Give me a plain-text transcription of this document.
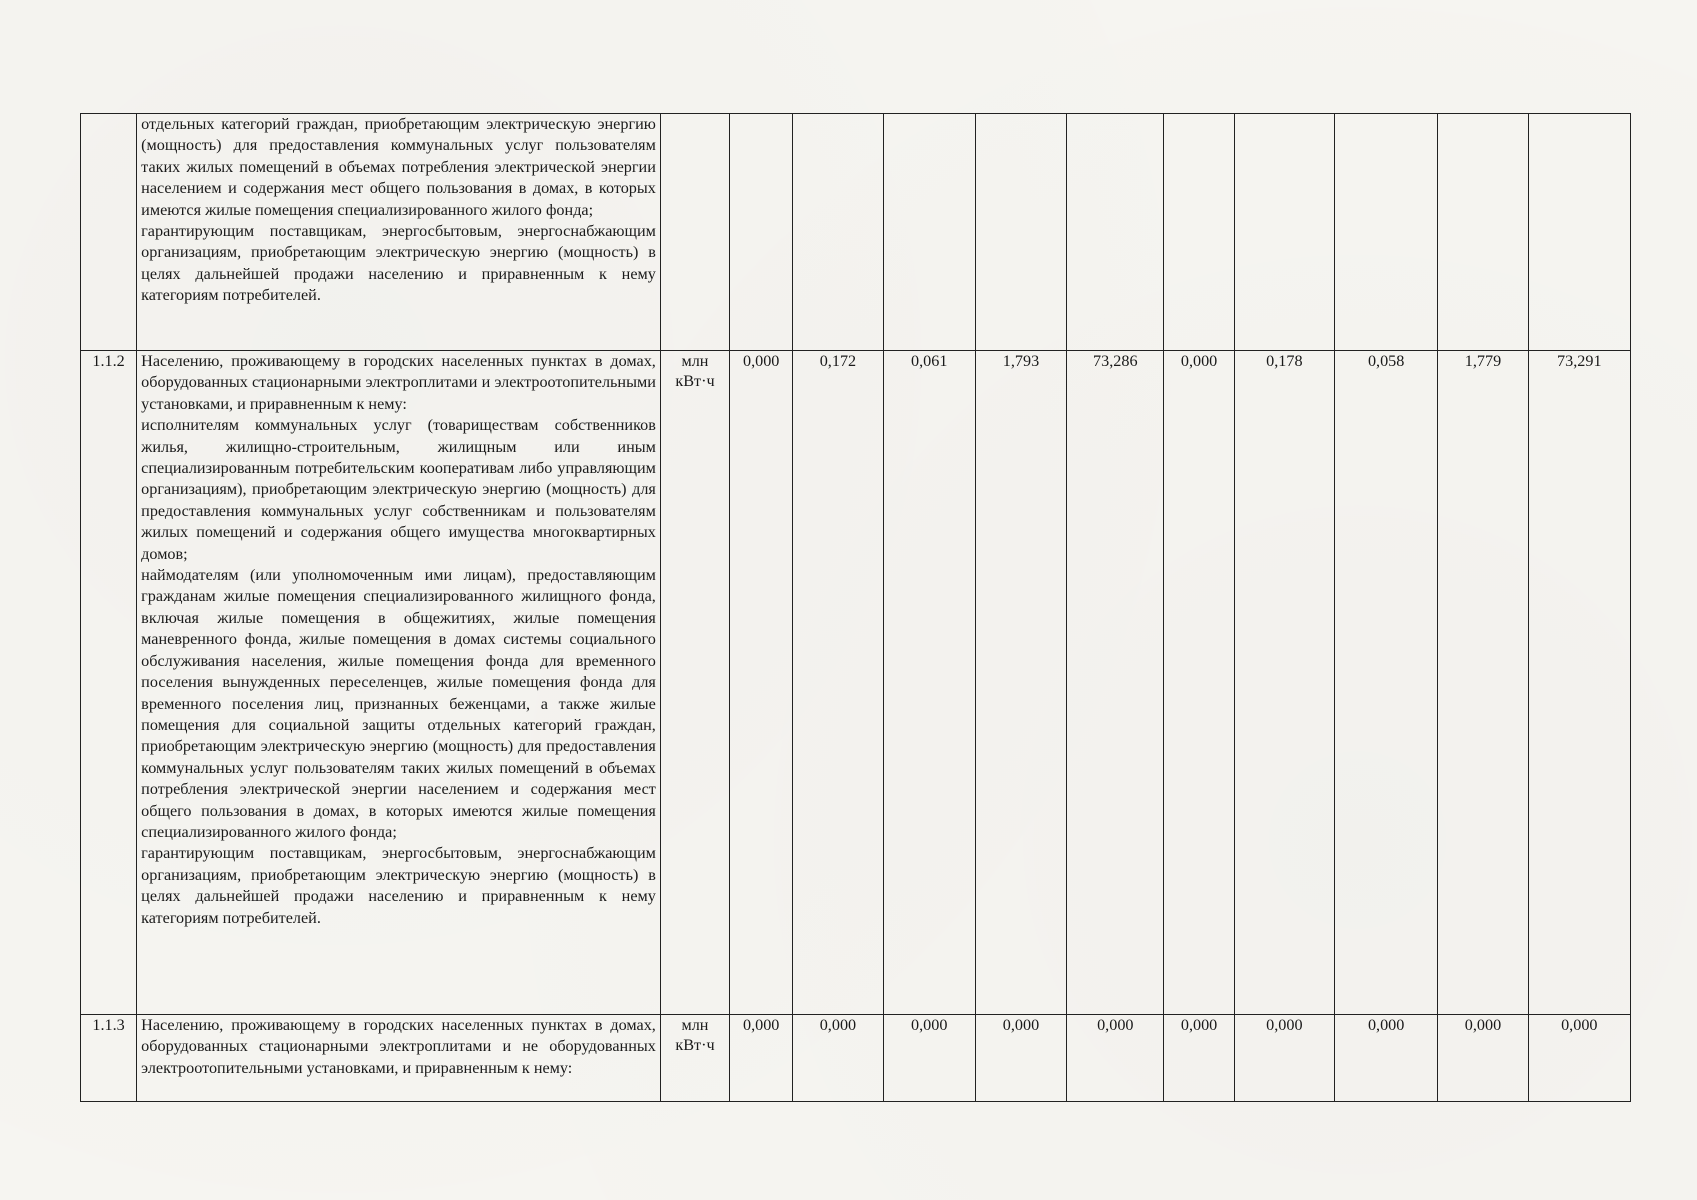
	отдельных категорий граждан, приобретающим электрическую энергию (мощность) для предоставления коммунальных услуг пользователям таких жилых помещений в объемах потребления электрической энергии населением и содержания мест общего пользования в домах, в которых имеются жилые помещения специализированного жилого фонда;

гарантирующим поставщикам, энергосбытовым, энергоснабжающим организациям, приобретающим электрическую энергию (мощность) в целях дальнейшей продажи населению и приравненным к нему категориям потребителей.											

1.1.2	Населению, проживающему в городских населенных пунктах в домах, оборудованных стационарными электроплитами и электроотопительными установками, и приравненным к нему:

исполнителям коммунальных услуг (товариществам собственников жилья, жилищно-строительным, жилищным или иным специализированным потребительским кооперативам либо управляющим организациям), приобретающим электрическую энергию (мощность) для предоставления коммунальных услуг собственникам и пользователям жилых помещений и содержания общего имущества многоквартирных домов;

наймодателям (или уполномоченным ими лицам), предоставляющим гражданам жилые помещения специализированного жилищного фонда, включая жилые помещения в общежитиях, жилые помещения маневренного фонда, жилые помещения в домах системы социального обслуживания населения, жилые помещения фонда для временного поселения вынужденных переселенцев, жилые помещения фонда для временного поселения лиц, признанных беженцами, а также жилые помещения для социальной защиты отдельных категорий граждан, приобретающим электрическую энергию (мощность) для предоставления коммунальных услуг пользователям таких жилых помещений в объемах потребления электрической энергии населением и содержания мест общего пользования в домах, в которых имеются жилые помещения специализированного жилого фонда;

гарантирующим поставщикам, энергосбытовым, энергоснабжающим организациям, приобретающим электрическую энергию (мощность) в целях дальнейшей продажи населению и приравненным к нему категориям потребителей.	млн кВт·ч	0,000	0,172	0,061	1,793	73,286	0,000	0,178	0,058	1,779	73,291
1.1.3	Населению, проживающему в городских населенных пунктах в домах, оборудованных стационарными электроплитами и не оборудованных электроотопительными установками, и приравненным к нему:	млн кВт·ч	0,000	0,000	0,000	0,000	0,000	0,000	0,000	0,000	0,000	0,000
